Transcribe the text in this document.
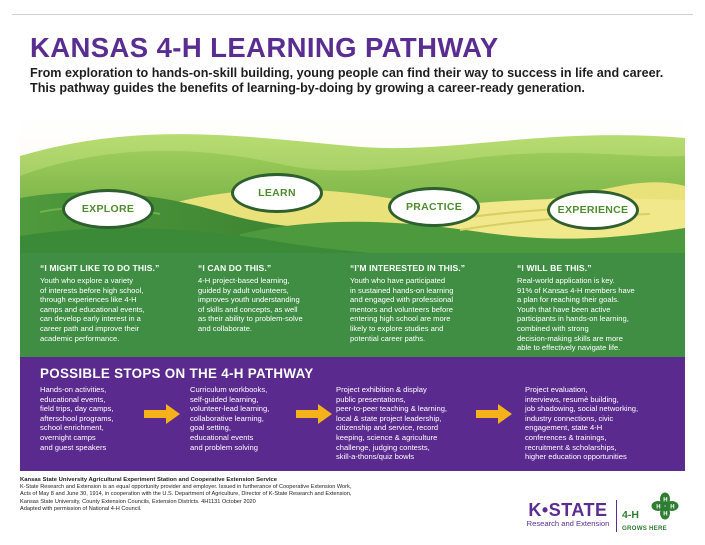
KANSAS 4-H LEARNING PATHWAY

From exploration to hands-on-skill building, young people can find their way to success in life and career. This pathway guides the benefits of learning-by-doing by growing a career-ready generation.

EXPLORE
LEARN
PRACTICE	EXPERIENCE
“I MIGHT LIKE TO DO THIS.”
Youth who explore a variety
of interests before high school,
through experiences like 4-H
camps and educational events,
can develop early interest in a
career path and improve their
academic performance.
“I CAN DO THIS.”
4-H project-based learning,
guided by adult volunteers,
improves youth understanding
of skills and concepts, as well
as their ability to problem-solve
and collaborate.
“I’M INTERESTED IN THIS.”
Youth who have participated
in sustained hands-on learning
and engaged with professional
mentors and volunteers before
entering high school are more
likely to explore studies and
potential career paths.
“I WILL BE THIS.”
Real-world application is key.
91% of Kansas 4-H members have
a plan for reaching their goals.
Youth that have been active
participants in hands-on learning,
combined with strong
decision-making skills are more
able to effectively navigate life.
POSSIBLE STOPS ON THE 4-H PATHWAY
Hands-on activities,
educational events,
field trips, day camps,
afterschool programs,
school enrichment,
overnight camps
and guest speakers
Curriculum workbooks,
self-guided learning,
volunteer-lead learning,
collaborative learning,
goal setting,
educational events
and problem solving
Project exhibition & display
public presentations,
peer-to-peer teaching & learning,
local & state project leadership,
citizenship and service, record
keeping, science & agriculture
challenge, judging contests,
skill-a-thons/quiz bowls
Project evaluation,
interviews, resumè building,
job shadowing, social networking,
industry connections, civic
engagement, state 4-H
conferences & trainings,
recruitment & scholarships,
higher education opportunities
Kansas State University Agricultural Experiment Station and Cooperative Extension Service
K-State Research and Extension is an equal opportunity provider and employer. Issued in furtherance of Cooperative Extension Work,
Acts of May 8 and June 30, 1914, in cooperation with the U.S. Department of Agriculture, Director of K-State Research and Extension,
Kansas State University, County Extension Councils, Extension Districts. 4H1131 October 2020
Adapted with permission of National 4-H Council.	K•STATE
Research and Extension
4-H
GROWS HERE
H
H
H H
